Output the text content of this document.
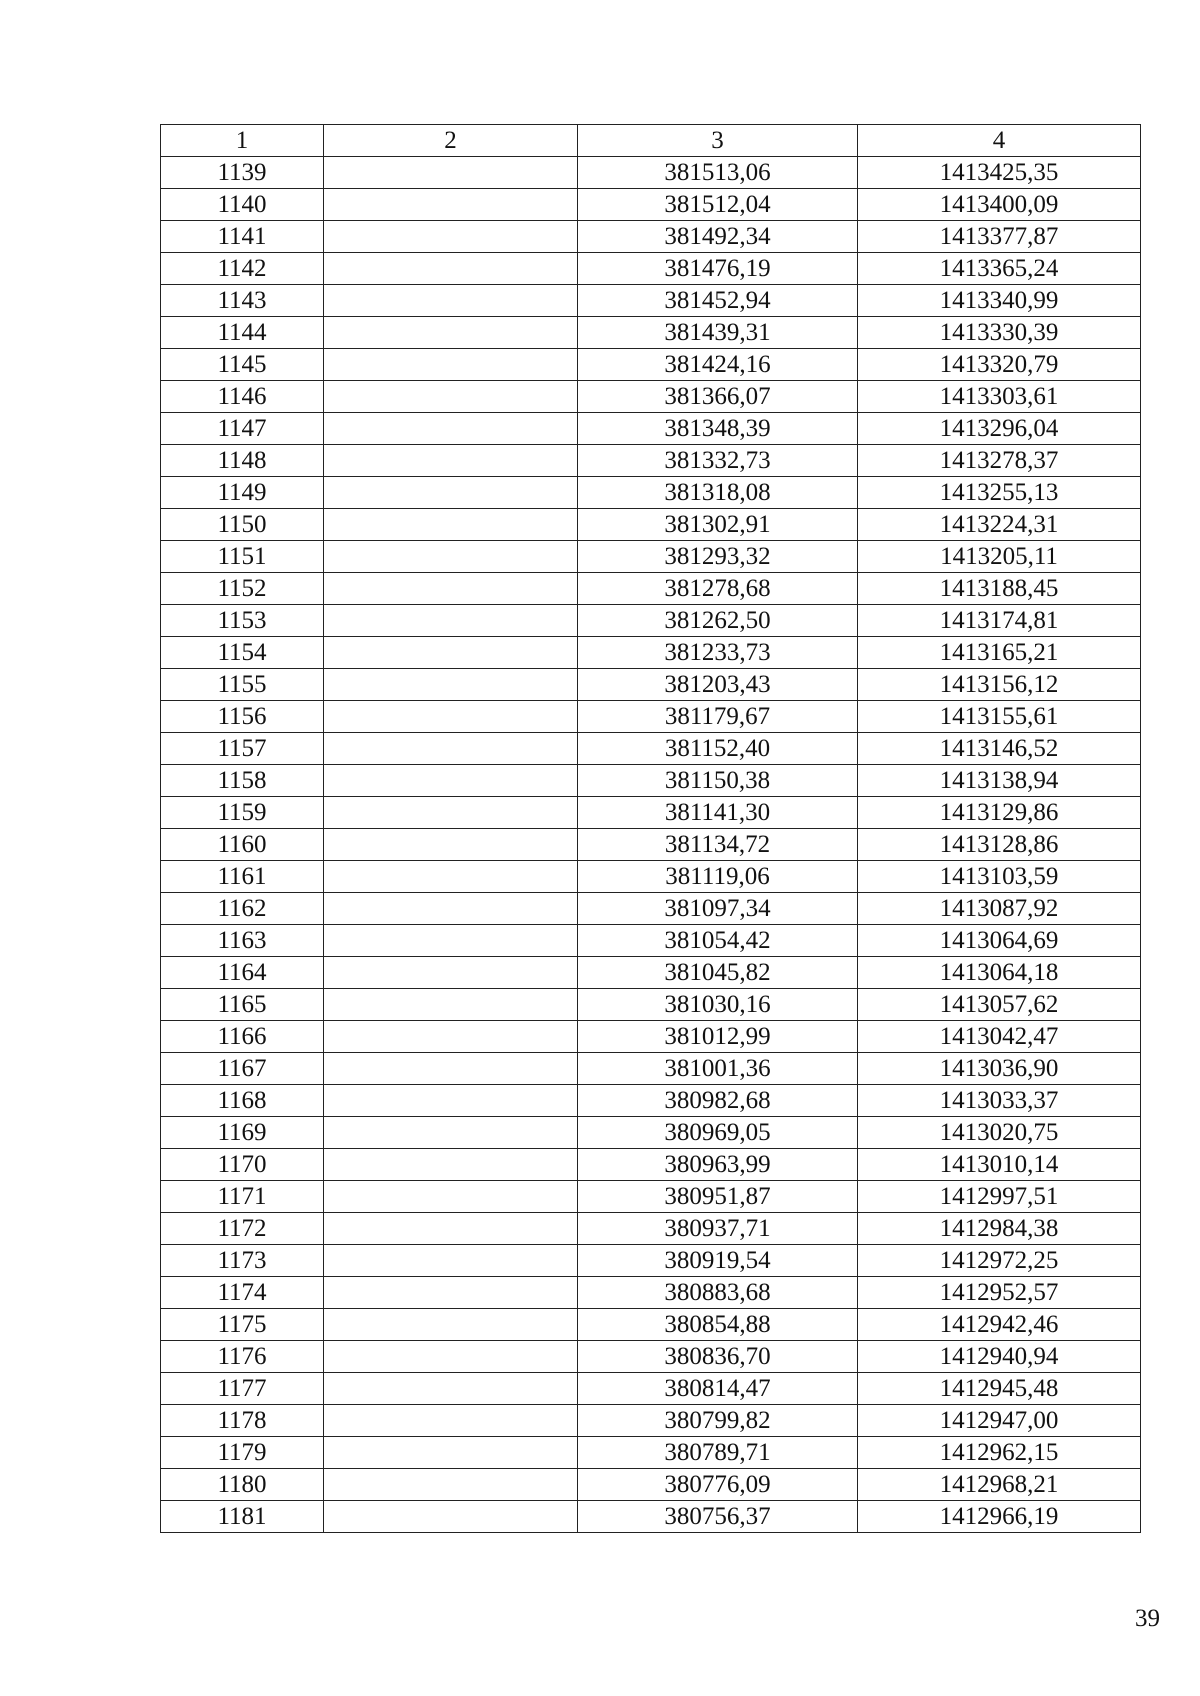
1	2	3	4
1139		381513,06	1413425,35
1140		381512,04	1413400,09
1141		381492,34	1413377,87
1142		381476,19	1413365,24
1143		381452,94	1413340,99
1144		381439,31	1413330,39
1145		381424,16	1413320,79
1146		381366,07	1413303,61
1147		381348,39	1413296,04
1148		381332,73	1413278,37
1149		381318,08	1413255,13
1150		381302,91	1413224,31
1151		381293,32	1413205,11
1152		381278,68	1413188,45
1153		381262,50	1413174,81
1154		381233,73	1413165,21
1155		381203,43	1413156,12
1156		381179,67	1413155,61
1157		381152,40	1413146,52
1158		381150,38	1413138,94
1159		381141,30	1413129,86
1160		381134,72	1413128,86
1161		381119,06	1413103,59
1162		381097,34	1413087,92
1163		381054,42	1413064,69
1164		381045,82	1413064,18
1165		381030,16	1413057,62
1166		381012,99	1413042,47
1167		381001,36	1413036,90
1168		380982,68	1413033,37
1169		380969,05	1413020,75
1170		380963,99	1413010,14
1171		380951,87	1412997,51
1172		380937,71	1412984,38
1173		380919,54	1412972,25
1174		380883,68	1412952,57
1175		380854,88	1412942,46
1176		380836,70	1412940,94
1177		380814,47	1412945,48
1178		380799,82	1412947,00
1179		380789,71	1412962,15
1180		380776,09	1412968,21
1181		380756,37	1412966,19
39
